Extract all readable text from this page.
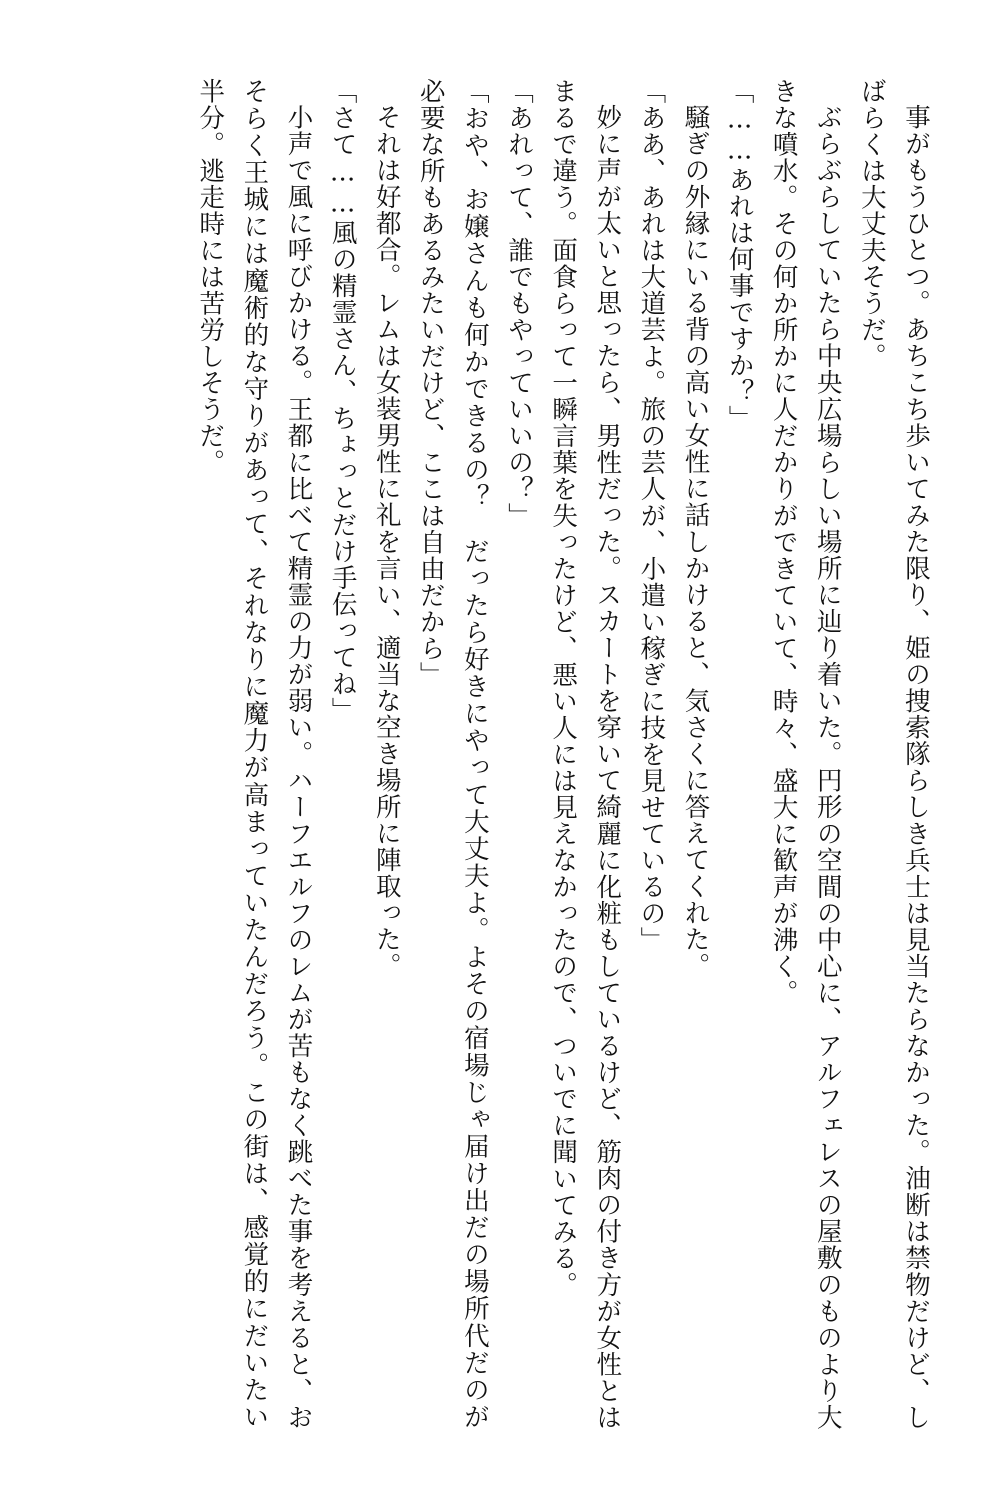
事がもうひとつ。あちこち歩いてみた限り、姫の捜索隊らしき兵士は見当たらなかった。油断は禁物だけど、しばらくは大丈夫そうだ。

ぶらぶらしていたら中央広場らしい場所に辿り着いた。円形の空間の中心に、アルフェレスの屋敷のものより大きな噴水。その何か所かに人だかりができていて、時々、盛大に歓声が沸く。

「……あれは何事ですか？」

騒ぎの外縁にいる背の高い女性に話しかけると、気さくに答えてくれた。

「ああ、あれは大道芸よ。旅の芸人が、小遣い稼ぎに技を見せているの」

妙に声が太いと思ったら、男性だった。スカートを穿いて綺麗に化粧もしているけど、筋肉の付き方が女性とはまるで違う。面食らって一瞬言葉を失ったけど、悪い人には見えなかったので、ついでに聞いてみる。

「あれって、誰でもやっていいの？」

「おや、お嬢さんも何かできるの？　だったら好きにやって大丈夫よ。よその宿場じゃ届け出だの場所代だのが必要な所もあるみたいだけど、ここは自由だから」

それは好都合。レムは女装男性に礼を言い、適当な空き場所に陣取った。

「さて……風の精霊さん、ちょっとだけ手伝ってね」

小声で風に呼びかける。王都に比べて精霊の力が弱い。ハーフエルフのレムが苦もなく跳べた事を考えると、おそらく王城には魔術的な守りがあって、それなりに魔力が高まっていたんだろう。この街は、感覚的にだいたい半分。逃走時には苦労しそうだ。
